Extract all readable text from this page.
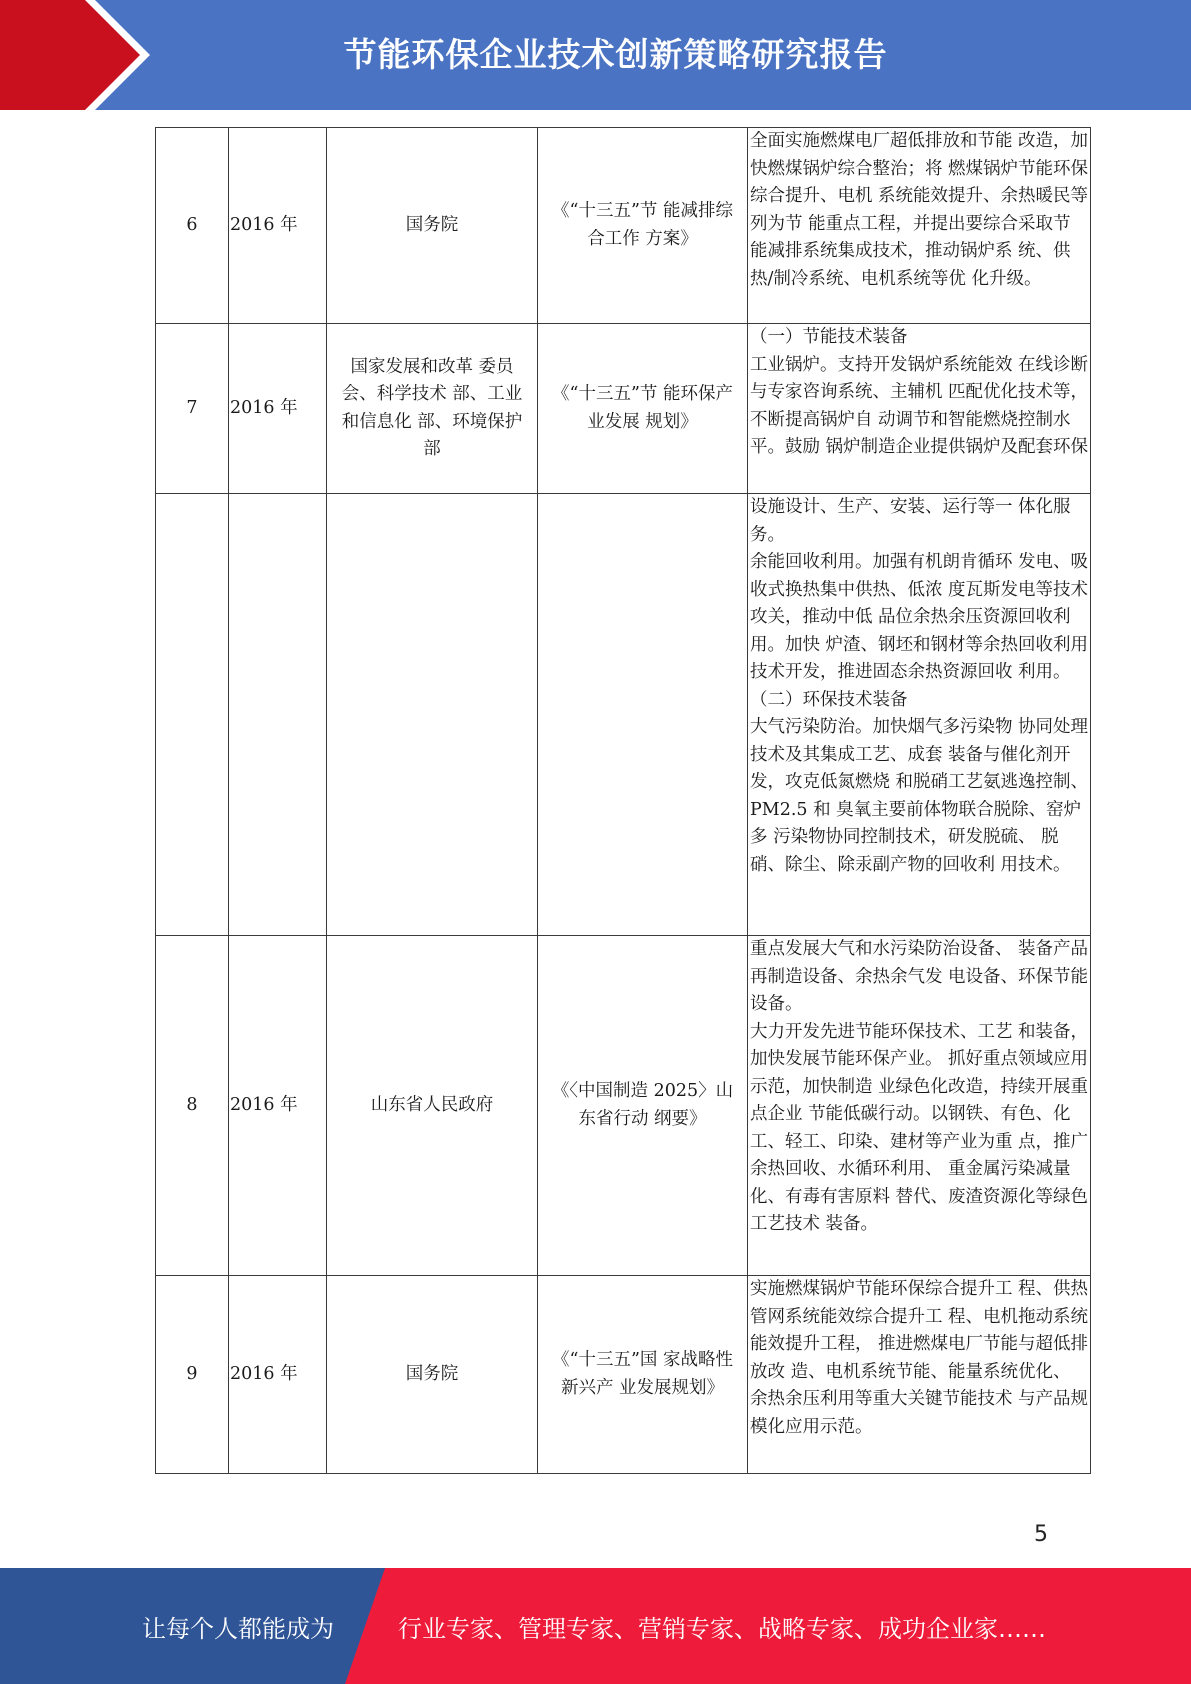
节能环保企业技术创新策略研究报告
6	2016 年	国务院	《“十三五”节 能减排综合工作 方案》	全面实施燃煤电厂超低排放和节能 改造，加快燃煤锅炉综合整治；将 燃煤锅炉节能环保综合提升、电机 系统能效提升、余热暖民等列为节 能重点工程，并提出要综合采取节 能减排系统集成技术，推动锅炉系 统、供热/制冷系统、电机系统等优 化升级。

7	2016 年	国家发展和改革 委员会、科学技术 部、工业和信息化 部、环境保护部	《“十三五”节 能环保产业发展 规划》	（一）节能技术装备

工业锅炉。支持开发锅炉系统能效 在线诊断与专家咨询系统、主辅机 匹配优化技术等，不断提高锅炉自 动调节和智能燃烧控制水平。鼓励 锅炉制造企业提供锅炉及配套环保

				设施设计、生产、安装、运行等一 体化服务。

余能回收利用。加强有机朗肯循环 发电、吸收式换热集中供热、低浓 度瓦斯发电等技术攻关，推动中低 品位余热余压资源回收利用。加快 炉渣、钢坯和钢材等余热回收利用 技术开发，推进固态余热资源回收 利用。

（二）环保技术装备

大气污染防治。加快烟气多污染物 协同处理技术及其集成工艺、成套 装备与催化剂开发，攻克低氮燃烧 和脱硝工艺氨逃逸控制、PM2.5 和 臭氧主要前体物联合脱除、窑炉多 污染物协同控制技术，研发脱硫、 脱硝、除尘、除汞副产物的回收利 用技术。

8	2016 年	山东省人民政府	《〈中国制造 2025〉山东省行动 纲要》	重点发展大气和水污染防治设备、 装备产品再制造设备、余热余气发 电设备、环保节能设备。

大力开发先进节能环保技术、工艺 和装备，加快发展节能环保产业。 抓好重点领域应用示范，加快制造 业绿色化改造，持续开展重点企业 节能低碳行动。以钢铁、有色、化 工、轻工、印染、建材等产业为重 点，推广余热回收、水循环利用、 重金属污染减量化、有毒有害原料 替代、废渣资源化等绿色工艺技术 装备。

9	2016 年	国务院	《“十三五”国 家战略性新兴产 业发展规划》	实施燃煤锅炉节能环保综合提升工 程、供热管网系统能效综合提升工 程、电机拖动系统能效提升工程， 推进燃煤电厂节能与超低排放改 造、电机系统节能、能量系统优化、 余热余压利用等重大关键节能技术 与产品规模化应用示范。

5
让每个人都能成为	行业专家、管理专家、营销专家、战略专家、成功企业家……
